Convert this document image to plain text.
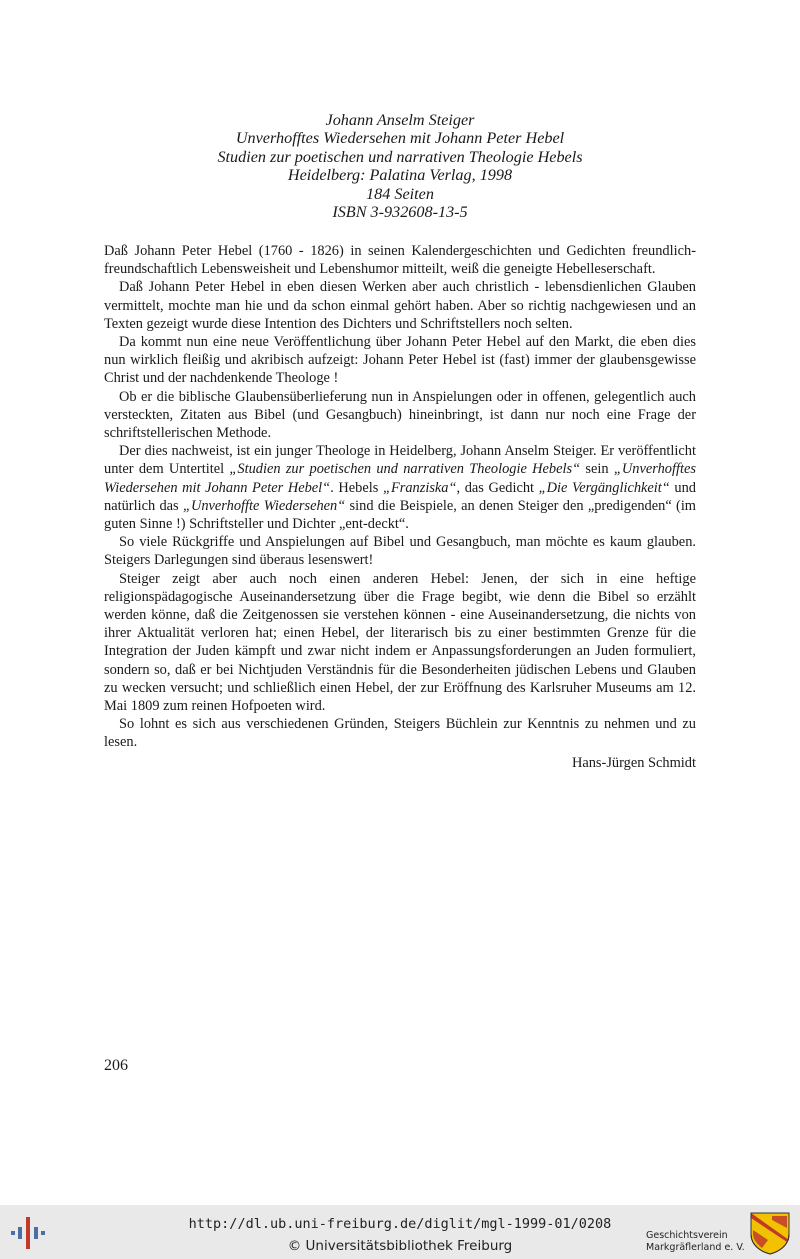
Johann Anselm Steiger
Unverhofftes Wiedersehen mit Johann Peter Hebel
Studien zur poetischen und narrativen Theologie Hebels
Heidelberg: Palatina Verlag, 1998
184 Seiten
ISBN 3-932608-13-5

Daß Johann Peter Hebel (1760 - 1826) in seinen Kalendergeschichten und Gedichten freundlich-freundschaftlich Lebensweisheit und Lebenshumor mitteilt, weiß die geneigte Hebelleserschaft.

Daß Johann Peter Hebel in eben diesen Werken aber auch christlich - lebensdienlichen Glauben vermittelt, mochte man hie und da schon einmal gehört haben. Aber so richtig nachgewiesen und an Texten gezeigt wurde diese Intention des Dichters und Schriftstellers noch selten.

Da kommt nun eine neue Veröffentlichung über Johann Peter Hebel auf den Markt, die eben dies nun wirklich fleißig und akribisch aufzeigt: Johann Peter Hebel ist (fast) immer der glaubensgewisse Christ und der nachdenkende Theologe !

Ob er die biblische Glaubensüberlieferung nun in Anspielungen oder in offenen, gelegentlich auch versteckten, Zitaten aus Bibel (und Gesangbuch) hineinbringt, ist dann nur noch eine Frage der schriftstellerischen Methode.

Der dies nachweist, ist ein junger Theologe in Heidelberg, Johann Anselm Steiger. Er veröffentlicht unter dem Untertitel „Studien zur poetischen und narrativen Theologie Hebels“ sein „Unverhofftes Wiedersehen mit Johann Peter Hebel“. Hebels „Franziska“, das Gedicht „Die Vergänglichkeit“ und natürlich das „Unverhoffte Wiedersehen“ sind die Beispiele, an denen Steiger den „predigenden“ (im guten Sinne !) Schriftsteller und Dichter „ent-deckt“.

So viele Rückgriffe und Anspielungen auf Bibel und Gesangbuch, man möchte es kaum glauben. Steigers Darlegungen sind überaus lesenswert!

Steiger zeigt aber auch noch einen anderen Hebel: Jenen, der sich in eine heftige religionspädagogische Auseinandersetzung über die Frage begibt, wie denn die Bibel so erzählt werden könne, daß die Zeitgenossen sie verstehen können - eine Auseinandersetzung, die nichts von ihrer Aktualität verloren hat; einen Hebel, der literarisch bis zu einer bestimmten Grenze für die Integration der Juden kämpft und zwar nicht indem er Anpassungsforderungen an Juden formuliert, sondern so, daß er bei Nichtjuden Verständnis für die Besonderheiten jüdischen Lebens und Glauben zu wecken versucht; und schließlich einen Hebel, der zur Eröffnung des Karlsruher Museums am 12. Mai 1809 zum reinen Hofpoeten wird.

So lohnt es sich aus verschiedenen Gründen, Steigers Büchlein zur Kenntnis zu nehmen und zu lesen.

Hans-Jürgen Schmidt

206
http://dl.ub.uni-freiburg.de/diglit/mgl-1999-01/0208
© Universitätsbibliothek Freiburg
Geschichtsverein
Markgräflerland e. V.
